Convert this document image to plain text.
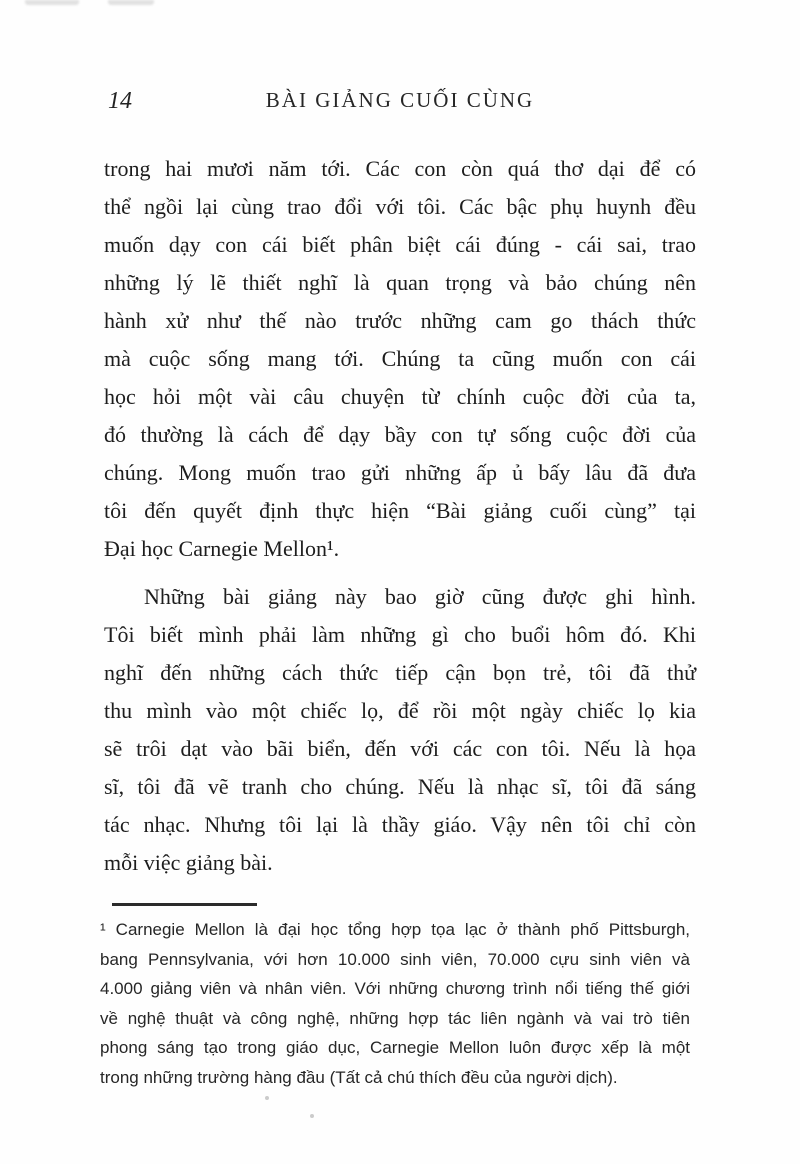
14	BÀI GIẢNG CUỐI CÙNG
trong hai mươi năm tới. Các con còn quá thơ dại để có
thể ngồi lại cùng trao đổi với tôi. Các bậc phụ huynh đều
muốn dạy con cái biết phân biệt cái đúng - cái sai, trao
những lý lẽ thiết nghĩ là quan trọng và bảo chúng nên
hành xử như thế nào trước những cam go thách thức
mà cuộc sống mang tới. Chúng ta cũng muốn con cái
học hỏi một vài câu chuyện từ chính cuộc đời của ta,
đó thường là cách để dạy bầy con tự sống cuộc đời của
chúng. Mong muốn trao gửi những ấp ủ bấy lâu đã đưa
tôi đến quyết định thực hiện “Bài giảng cuối cùng” tại
Đại học Carnegie Mellon¹.
Những bài giảng này bao giờ cũng được ghi hình.
Tôi biết mình phải làm những gì cho buổi hôm đó. Khi
nghĩ đến những cách thức tiếp cận bọn trẻ, tôi đã thử
thu mình vào một chiếc lọ, để rồi một ngày chiếc lọ kia
sẽ trôi dạt vào bãi biển, đến với các con tôi. Nếu là họa
sĩ, tôi đã vẽ tranh cho chúng. Nếu là nhạc sĩ, tôi đã sáng
tác nhạc. Nhưng tôi lại là thầy giáo. Vậy nên tôi chỉ còn
mỗi việc giảng bài.
¹ Carnegie Mellon là đại học tổng hợp tọa lạc ở thành phố Pittsburgh,
bang Pennsylvania, với hơn 10.000 sinh viên, 70.000 cựu sinh viên và
4.000 giảng viên và nhân viên. Với những chương trình nổi tiếng thế giới
về nghệ thuật và công nghệ, những hợp tác liên ngành và vai trò tiên
phong sáng tạo trong giáo dục, Carnegie Mellon luôn được xếp là một
trong những trường hàng đầu (Tất cả chú thích đều của người dịch).
